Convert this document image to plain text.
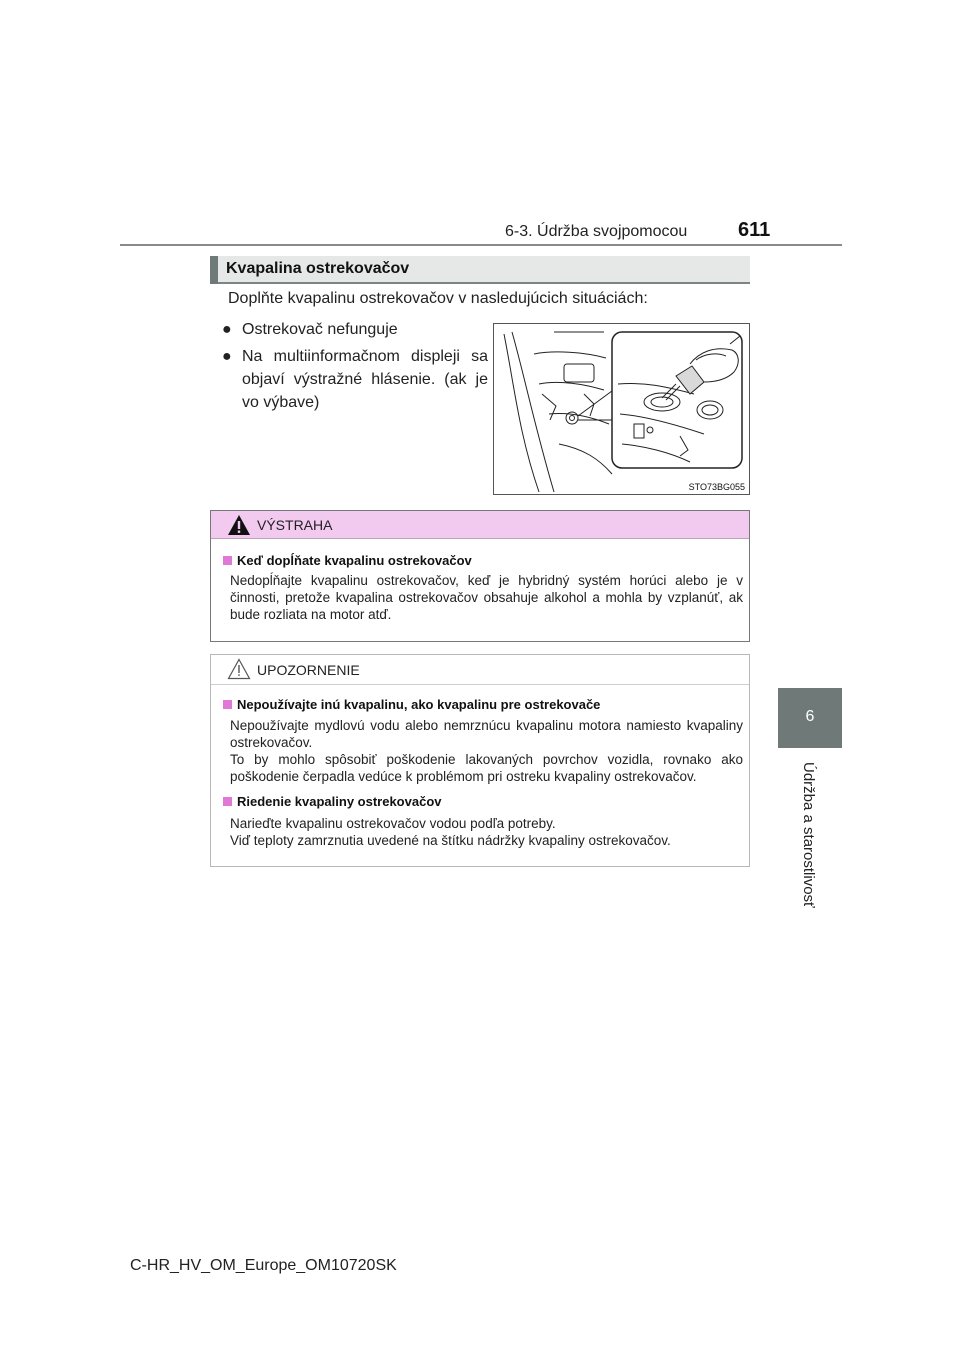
6-3. Údržba svojpomocou	611
6
Údržba a starostlivosť
Kvapalina ostrekovačov
Doplňte kvapalinu ostrekovačov v nasledujúcich situáciách:
● Ostrekovač nefunguje
● Na multiinformačnom displeji sa objaví výstražné hlásenie. (ak je vo výbave)
STO73BG055
VÝSTRAHA
Keď dopĺňate kvapalinu ostrekovačov
Nedopĺňajte kvapalinu ostrekovačov, keď je hybridný systém horúci alebo je v činnosti, pretože kvapalina ostrekovačov obsahuje alkohol a mohla by vzplanúť, ak bude rozliata na motor atď.
UPOZORNENIE
Nepoužívajte inú kvapalinu, ako kvapalinu pre ostrekovače
Nepoužívajte mydlovú vodu alebo nemrznúcu kvapalinu motora namiesto kvapaliny ostrekovačov.
To by mohlo spôsobiť poškodenie lakovaných povrchov vozidla, rovnako ako poškodenie čerpadla vedúce k problémom pri ostreku kvapaliny ostrekovačov.
Riedenie kvapaliny ostrekovačov
Narieďte kvapalinu ostrekovačov vodou podľa potreby.
Viď teploty zamrznutia uvedené na štítku nádržky kvapaliny ostrekovačov.
C-HR_HV_OM_Europe_OM10720SK
